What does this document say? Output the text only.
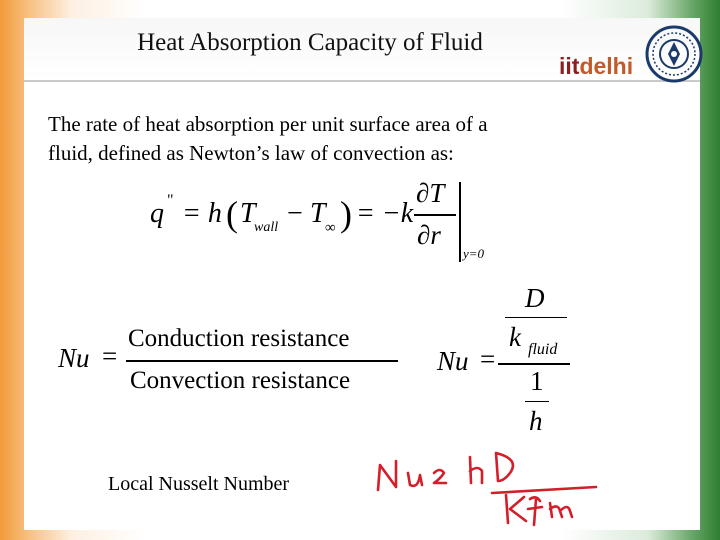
Heat Absorption Capacity of Fluid
iitdelhi
The rate of heat absorption per unit surface area of a
fluid, defined as Newton’s law of convection as:
q " = h ( T
wall − T ∞ ) = −k
∂T
∂r
y=0
Nu =
Conduction resistance
Convection resistance
Nu =
D
k fluid
1
h
Local Nusselt Number
